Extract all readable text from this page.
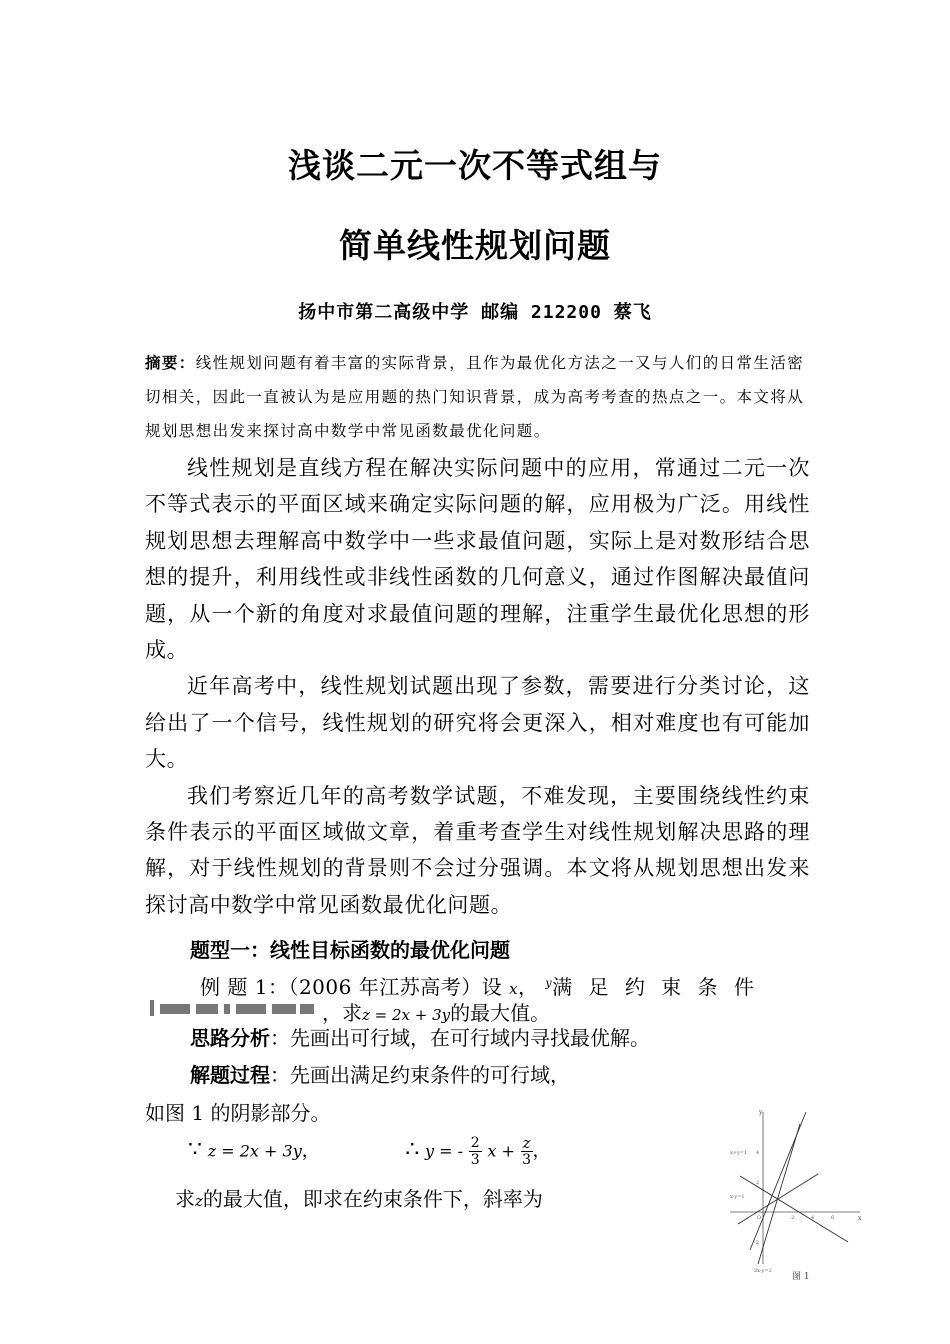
浅谈二元一次不等式组与
简单线性规划问题
扬中市第二高级中学 邮编 212200 蔡飞
摘要：线性规划问题有着丰富的实际背景，且作为最优化方法之一又与人们的日常生活密切相关，因此一直被认为是应用题的热门知识背景，成为高考考查的热点之一。本文将从规划思想出发来探讨高中数学中常见函数最优化问题。

线性规划是直线方程在解决实际问题中的应用，常通过二元一次不等式表示的平面区域来确定实际问题的解，应用极为广泛。用线性规划思想去理解高中数学中一些求最值问题，实际上是对数形结合思想的提升，利用线性或非线性函数的几何意义，通过作图解决最值问题，从一个新的角度对求最值问题的理解，注重学生最优化思想的形成。

近年高考中，线性规划试题出现了参数，需要进行分类讨论，这给出了一个信号，线性规划的研究将会更深入，相对难度也有可能加大。

我们考察近几年的高考数学试题，不难发现，主要围绕线性约束条件表示的平面区域做文章，着重考查学生对线性规划解决思路的理解，对于线性规划的背景则不会过分强调。本文将从规划思想出发来探讨高中数学中常见函数最优化问题。

题型一：线性目标函数的最优化问题
例 题 1：（2006 年江苏高考）设 x， $^y$满 足 约 束 条 件
，求z = 2x + 3y的最大值。
思路分析：先画出可行域，在可行域内寻找最优解。
解题过程：先画出满足约束条件的可行域，
如图 1 的阴影部分。
∵ z = 2x + 3y，	∴ y = - $\frac{2}{3}$ $x + \frac{z}{3}$ ，
求z的最大值，即求在约束条件下，斜率为
y
x
x+y=1
x-y=1
2x-y=2
4
2
-2
O	2	4	6
图 1
